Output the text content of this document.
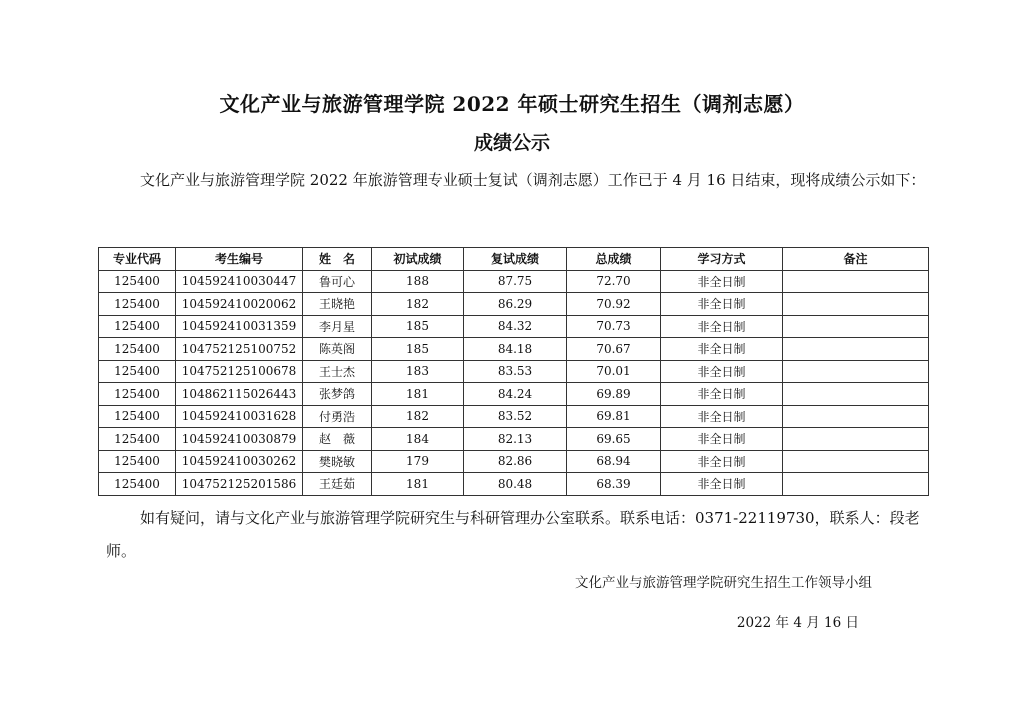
文化产业与旅游管理学院 2022 年硕士研究生招生（调剂志愿）
成绩公示
文化产业与旅游管理学院 2022 年旅游管理专业硕士复试（调剂志愿）工作已于 4 月 16 日结束，现将成绩公示如下：
专业代码	考生编号	姓　名	初试成绩	复试成绩	总成绩	学习方式	备注
125400	104592410030447	鲁可心	188	87.75	72.70	非全日制	
125400	104592410020062	王晓艳	182	86.29	70.92	非全日制	
125400	104592410031359	李月星	185	84.32	70.73	非全日制	
125400	104752125100752	陈英阁	185	84.18	70.67	非全日制	
125400	104752125100678	王士杰	183	83.53	70.01	非全日制	
125400	104862115026443	张梦鸽	181	84.24	69.89	非全日制	
125400	104592410031628	付勇浩	182	83.52	69.81	非全日制	
125400	104592410030879	赵　薇	184	82.13	69.65	非全日制	
125400	104592410030262	樊晓敏	179	82.86	68.94	非全日制	
125400	104752125201586	王廷茹	181	80.48	68.39	非全日制	
如有疑问，请与文化产业与旅游管理学院研究生与科研管理办公室联系。联系电话：0371-22119730，联系人：段老师。
文化产业与旅游管理学院研究生招生工作领导小组
2022 年 4 月 16 日
